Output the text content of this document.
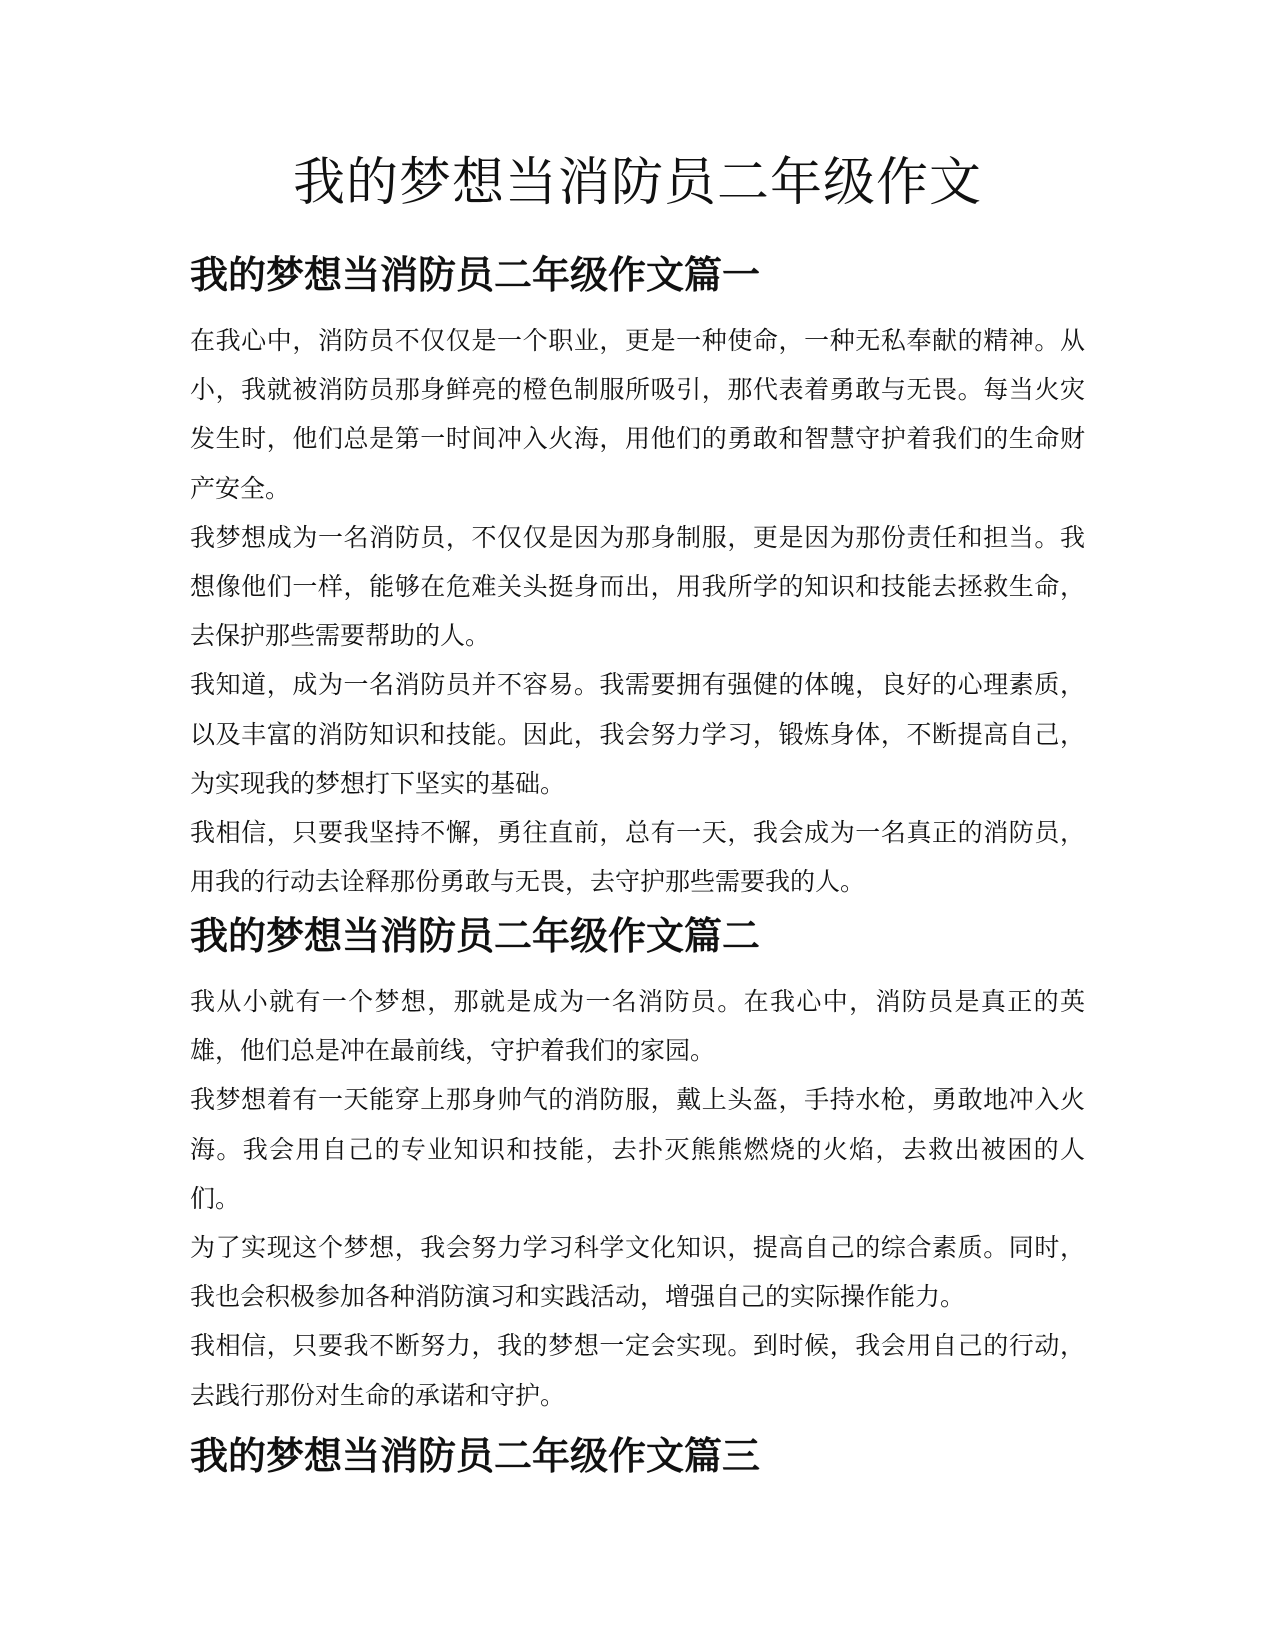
我的梦想当消防员二年级作文
我的梦想当消防员二年级作文篇一

在我心中，消防员不仅仅是一个职业，更是一种使命，一种无私奉献的精神。从小，我就被消防员那身鲜亮的橙色制服所吸引，那代表着勇敢与无畏。每当火灾发生时，他们总是第一时间冲入火海，用他们的勇敢和智慧守护着我们的生命财产安全。

我梦想成为一名消防员，不仅仅是因为那身制服，更是因为那份责任和担当。我想像他们一样，能够在危难关头挺身而出，用我所学的知识和技能去拯救生命，去保护那些需要帮助的人。

我知道，成为一名消防员并不容易。我需要拥有强健的体魄，良好的心理素质，以及丰富的消防知识和技能。因此，我会努力学习，锻炼身体，不断提高自己，为实现我的梦想打下坚实的基础。

我相信，只要我坚持不懈，勇往直前，总有一天，我会成为一名真正的消防员，用我的行动去诠释那份勇敢与无畏，去守护那些需要我的人。

我的梦想当消防员二年级作文篇二

我从小就有一个梦想，那就是成为一名消防员。在我心中，消防员是真正的英雄，他们总是冲在最前线，守护着我们的家园。

我梦想着有一天能穿上那身帅气的消防服，戴上头盔，手持水枪，勇敢地冲入火海。我会用自己的专业知识和技能，去扑灭熊熊燃烧的火焰，去救出被困的人们。

为了实现这个梦想，我会努力学习科学文化知识，提高自己的综合素质。同时，我也会积极参加各种消防演习和实践活动，增强自己的实际操作能力。

我相信，只要我不断努力，我的梦想一定会实现。到时候，我会用自己的行动，去践行那份对生命的承诺和守护。

我的梦想当消防员二年级作文篇三
